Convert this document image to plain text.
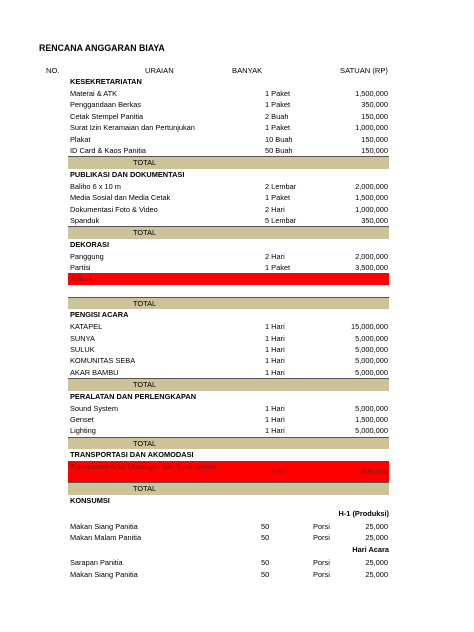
RENCANA ANGGARAN BIAYA
NO.	URAIAN	BANYAK	SATUAN (RP)
KESEKRETARIATAN
Materai & ATK	1 Paket	1,500,000
Penggandaan Berkas	1 Paket	350,000
Cetak Stempel Panitia	2 Buah	150,000
Surat Izin Keramaian dan Pertunjukan	1 Paket	1,000,000
Plakat	10 Buah	150,000
ID Card & Kaos Panitia	50 Buah	150,000
TOTAL
PUBLIKASI DAN DOKUMENTASI
Baliho 6 x 10 m	2 Lembar	2,000,000
Media Sosial dan Media Cetak	1 Paket	1,500,000
Dokumentasi Foto & Video	2 Hari	1,000,000
Spanduk	5 Lembar	350,000
TOTAL
DEKORASI
Panggung	2 Hari	2,000,000
Partisi	1 Paket	3,500,000
Artistik
TOTAL
PENGISI ACARA
KATAPEL	1 Hari	15,000,000
SUNYA	1 Hari	5,000,000
SULUK	1 Hari	5,000,000
KOMUNITAS SEBA	1 Hari	5,000,000
AKAR BAMBU	1 Hari	5,000,000
TOTAL
PERALATAN DAN PERLENGKAPAN
Sound System	1 Hari	5,000,000
Genset	1 Hari	1,500,000
Lighting	1 Hari	5,000,000
TOTAL
TRANSPORTASI DAN AKOMODASI
Transportasi Artist Undangan dan Surat lainnya	1 Hari	1,500,000
TOTAL
KONSUMSI
H-1 (Produksi)
Makan Siang Panitia	50	Porsi	25,000
Makan Malam Panitia	50	Porsi	25,000
Hari Acara
Sarapan Panitia	50	Porsi	25,000
Makan Siang Panitia	50	Porsi	25,000
